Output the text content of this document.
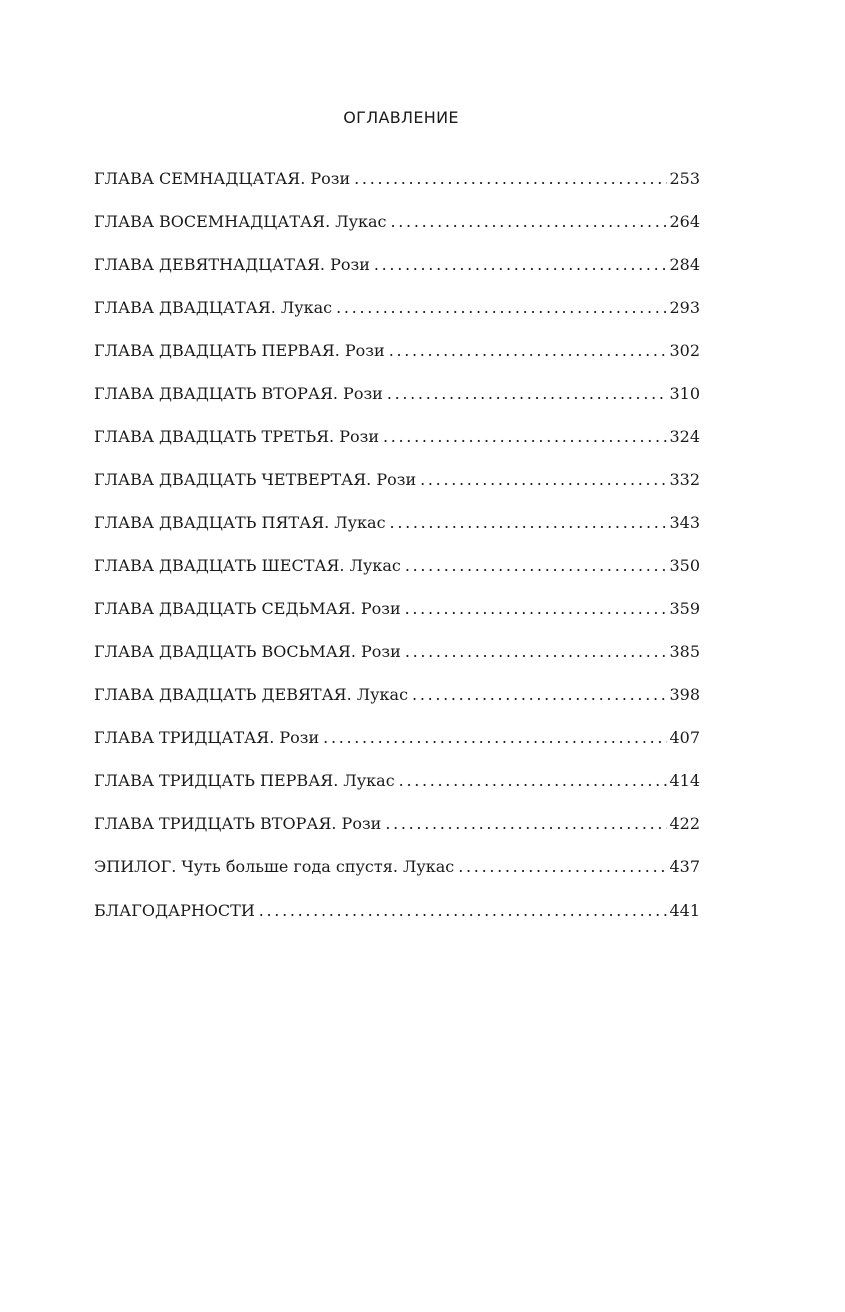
ОГЛАВЛЕНИЕ
ГЛАВА СЕМНАДЦАТАЯ. Рози . . .	253
ГЛАВА ВОСЕМНАДЦАТАЯ. Лукас . . .	264
ГЛАВА ДЕВЯТНАДЦАТАЯ. Рози . . .	284
ГЛАВА ДВАДЦАТАЯ. Лукас . . .	293
ГЛАВА ДВАДЦАТЬ ПЕРВАЯ. Рози . . .	302
ГЛАВА ДВАДЦАТЬ ВТОРАЯ. Рози . . .	310
ГЛАВА ДВАДЦАТЬ ТРЕТЬЯ. Рози . . .	324
ГЛАВА ДВАДЦАТЬ ЧЕТВЕРТАЯ. Рози . . .	332
ГЛАВА ДВАДЦАТЬ ПЯТАЯ. Лукас . . .	343
ГЛАВА ДВАДЦАТЬ ШЕСТАЯ. Лукас . . .	350
ГЛАВА ДВАДЦАТЬ СЕДЬМАЯ. Рози . . .	359
ГЛАВА ДВАДЦАТЬ ВОСЬМАЯ. Рози . . .	385
ГЛАВА ДВАДЦАТЬ ДЕВЯТАЯ. Лукас . . .	398
ГЛАВА ТРИДЦАТАЯ. Рози . . .	407
ГЛАВА ТРИДЦАТЬ ПЕРВАЯ. Лукас . . .	414
ГЛАВА ТРИДЦАТЬ ВТОРАЯ. Рози . . .	422
ЭПИЛОГ. Чуть больше года спустя. Лукас . . .	437
БЛАГОДАРНОСТИ . . .	441
